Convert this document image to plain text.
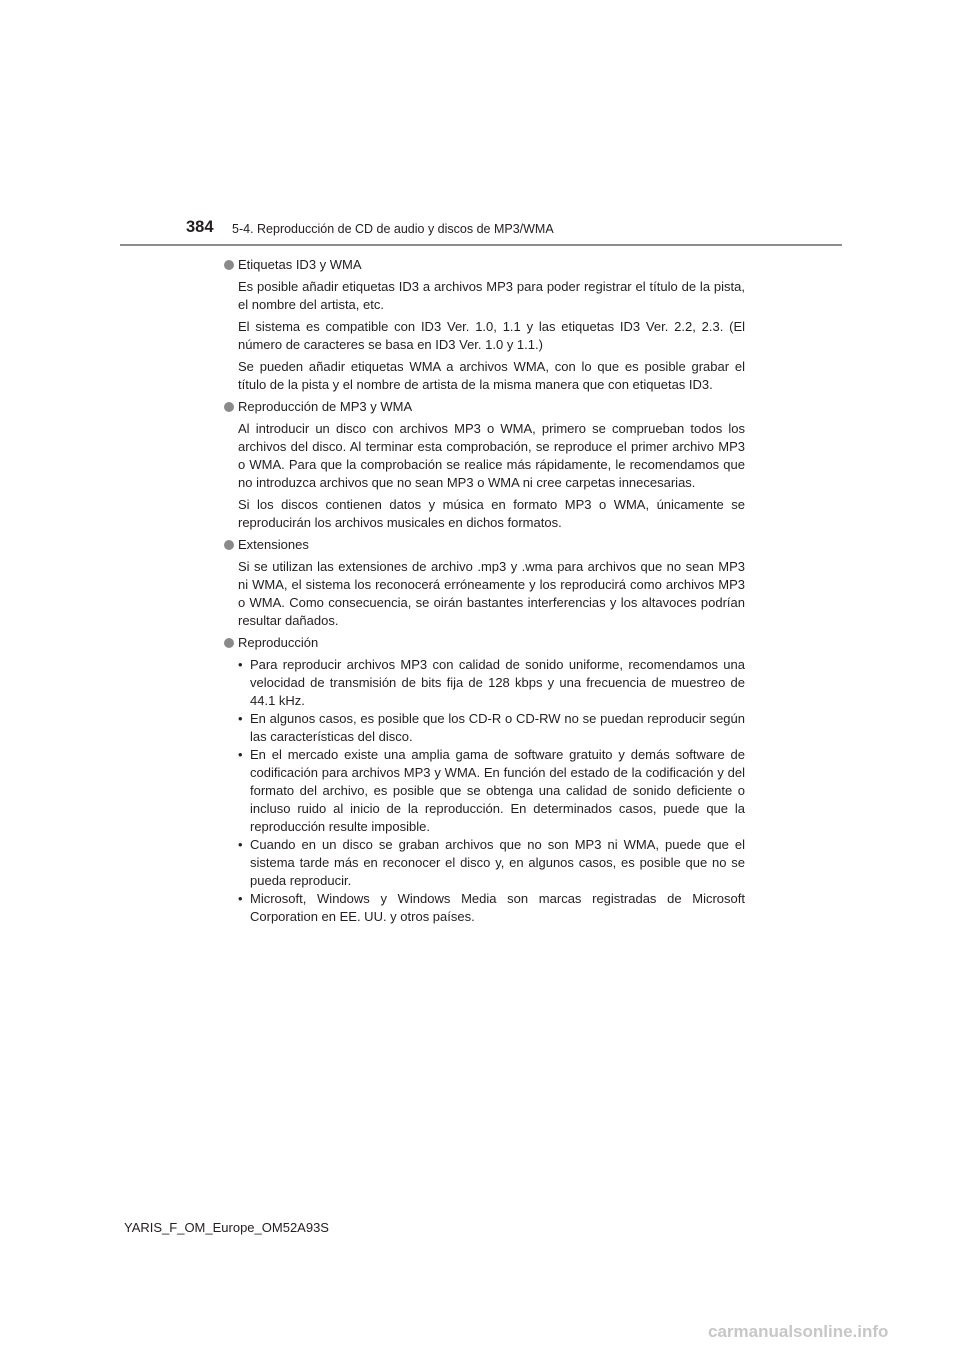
384 5-4. Reproducción de CD de audio y discos de MP3/WMA
Etiquetas ID3 y WMA

Es posible añadir etiquetas ID3 a archivos MP3 para poder registrar el título de la pista, el nombre del artista, etc.

El sistema es compatible con ID3 Ver. 1.0, 1.1 y las etiquetas ID3 Ver. 2.2, 2.3. (El número de caracteres se basa en ID3 Ver. 1.0 y 1.1.)

Se pueden añadir etiquetas WMA a archivos WMA, con lo que es posible grabar el título de la pista y el nombre de artista de la misma manera que con etiquetas ID3.

Reproducción de MP3 y WMA

Al introducir un disco con archivos MP3 o WMA, primero se comprueban todos los archivos del disco. Al terminar esta comprobación, se reproduce el primer archivo MP3 o WMA. Para que la comprobación se realice más rápidamente, le recomendamos que no introduzca archivos que no sean MP3 o WMA ni cree carpetas innecesarias.

Si los discos contienen datos y música en formato MP3 o WMA, únicamente se reproducirán los archivos musicales en dichos formatos.

Extensiones

Si se utilizan las extensiones de archivo .mp3 y .wma para archivos que no sean MP3 ni WMA, el sistema los reconocerá erróneamente y los reproducirá como archivos MP3 o WMA. Como consecuencia, se oirán bastantes interferencias y los altavoces podrían resultar dañados.

Reproducción
• Para reproducir archivos MP3 con calidad de sonido uniforme, recomendamos una velocidad de transmisión de bits fija de 128 kbps y una frecuencia de muestreo de 44.1 kHz.
• En algunos casos, es posible que los CD-R o CD-RW no se puedan reproducir según las características del disco.
• En el mercado existe una amplia gama de software gratuito y demás software de codificación para archivos MP3 y WMA. En función del estado de la codificación y del formato del archivo, es posible que se obtenga una calidad de sonido deficiente o incluso ruido al inicio de la reproducción. En determinados casos, puede que la reproducción resulte imposible.
• Cuando en un disco se graban archivos que no son MP3 ni WMA, puede que el sistema tarde más en reconocer el disco y, en algunos casos, es posible que no se pueda reproducir.
• Microsoft, Windows y Windows Media son marcas registradas de Microsoft Corporation en EE. UU. y otros países.
YARIS_F_OM_Europe_OM52A93S
carmanualsonline.info
